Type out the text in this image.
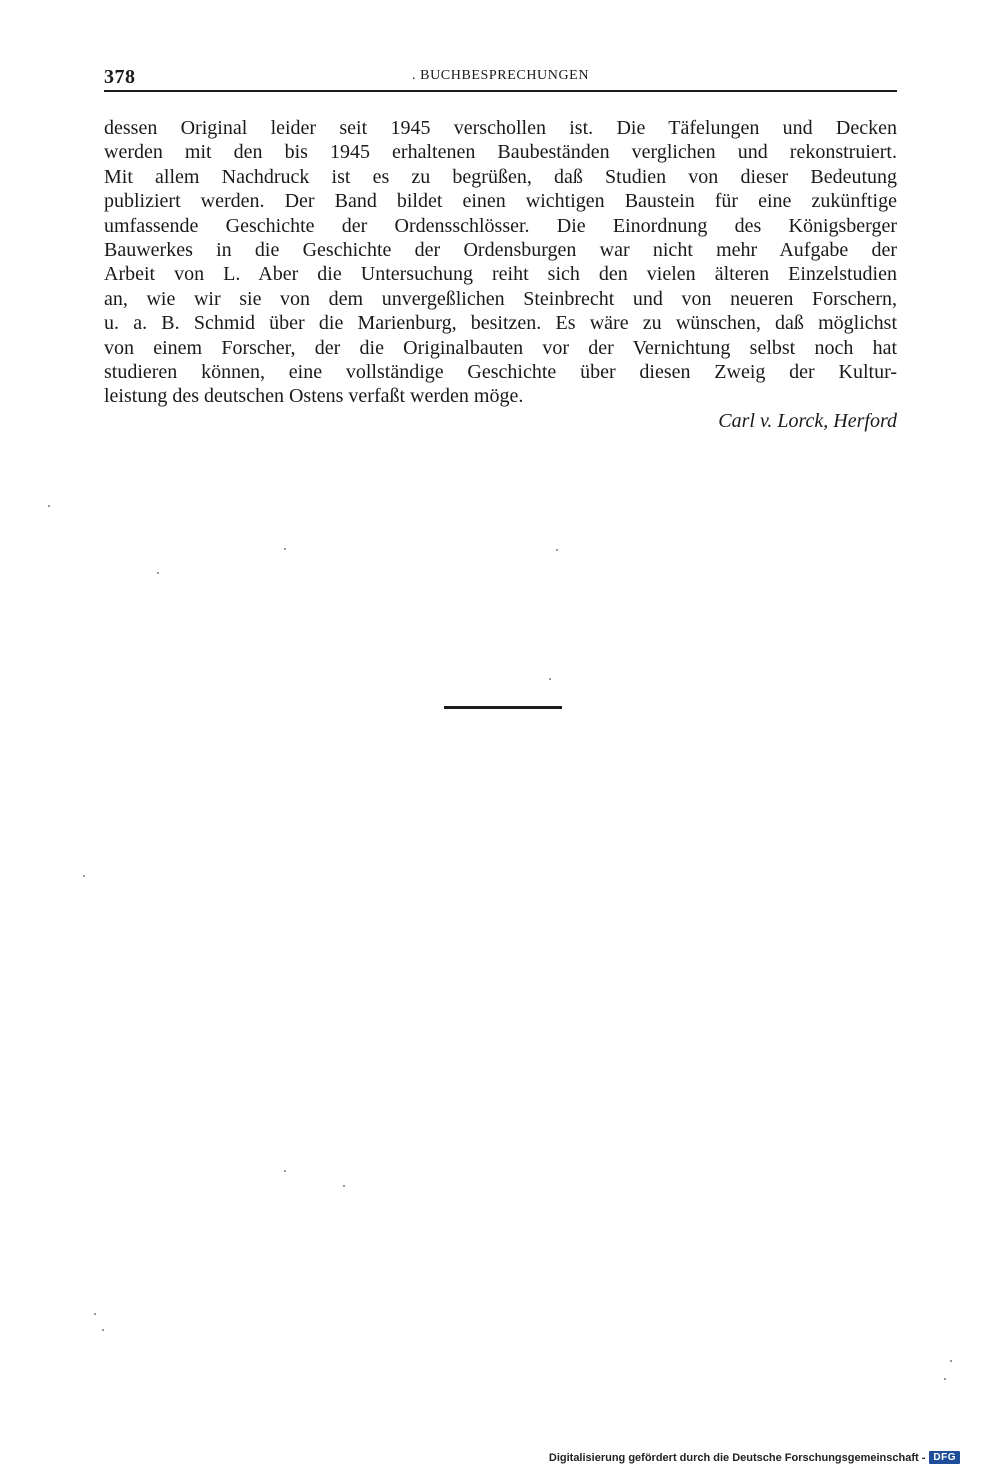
378	. BUCHBESPRECHUNGEN
dessen Original leider seit 1945 verschollen ist. Die Täfelungen und Decken
werden mit den bis 1945 erhaltenen Baubeständen verglichen und rekonstruiert.
Mit allem Nachdruck ist es zu begrüßen, daß Studien von dieser Bedeutung
publiziert werden. Der Band bildet einen wichtigen Baustein für eine zukünftige
umfassende Geschichte der Ordensschlösser. Die Einordnung des Königsberger
Bauwerkes in die Geschichte der Ordensburgen war nicht mehr Aufgabe der
Arbeit von L. Aber die Untersuchung reiht sich den vielen älteren Einzelstudien
an, wie wir sie von dem unvergeßlichen Steinbrecht und von neueren Forschern,
u. a. B. Schmid über die Marienburg, besitzen. Es wäre zu wünschen, daß möglichst
von einem Forscher, der die Originalbauten vor der Vernichtung selbst noch hat
studieren können, eine vollständige Geschichte über diesen Zweig der Kultur-
leistung des deutschen Ostens verfaßt werden möge.
Carl v. Lorck, Herford
Digitalisierung gefördert durch die Deutsche Forschungsgemeinschaft - DFG
